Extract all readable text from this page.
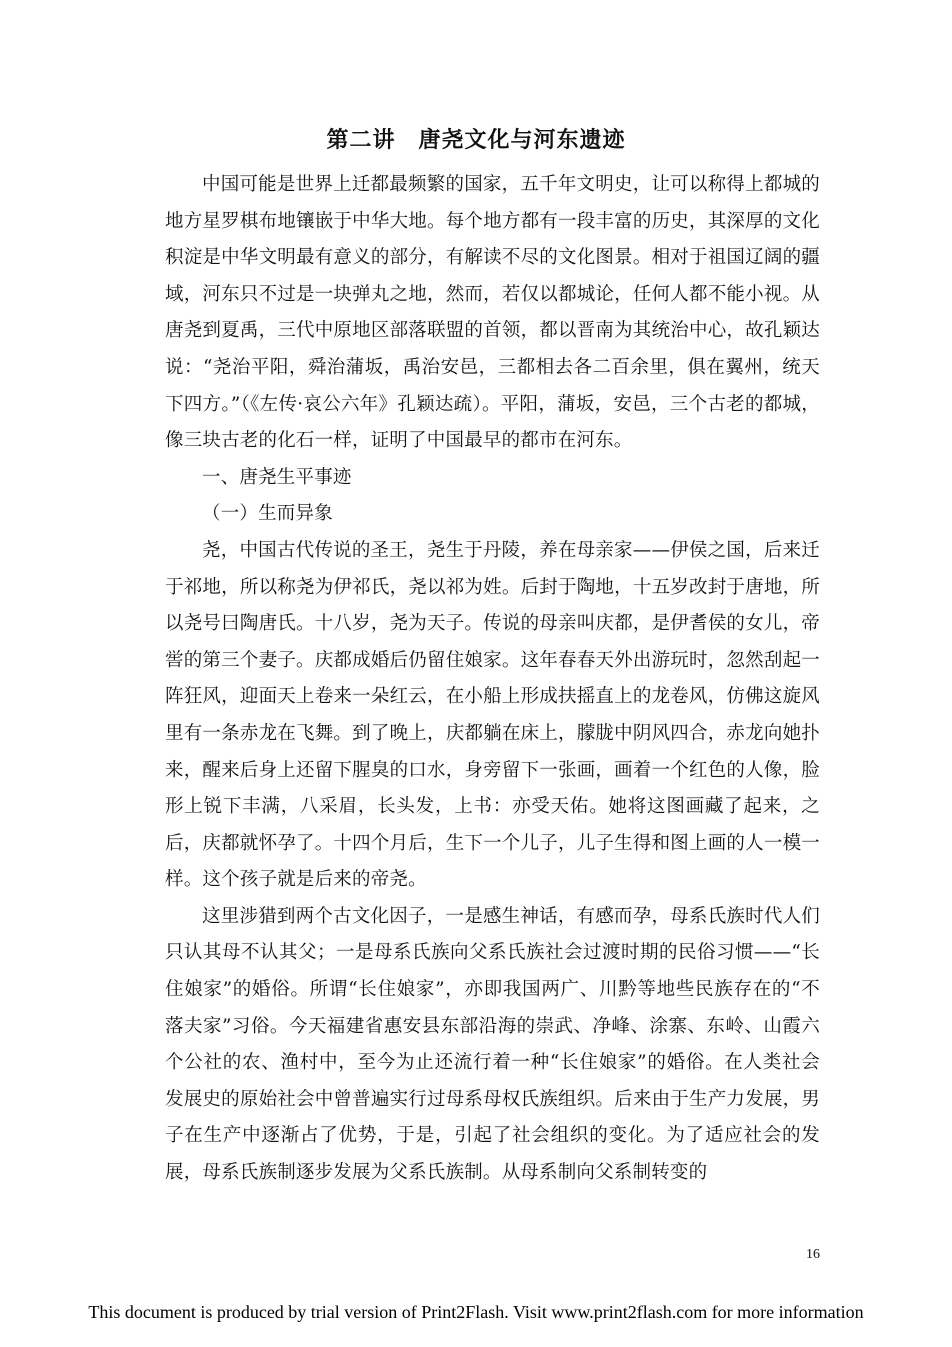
第二讲　唐尧文化与河东遗迹

中国可能是世界上迁都最频繁的国家，五千年文明史，让可以称得上都城的地方星罗棋布地镶嵌于中华大地。每个地方都有一段丰富的历史，其深厚的文化积淀是中华文明最有意义的部分，有解读不尽的文化图景。相对于祖国辽阔的疆域，河东只不过是一块弹丸之地，然而，若仅以都城论，任何人都不能小视。从唐尧到夏禹，三代中原地区部落联盟的首领，都以晋南为其统治中心，故孔颖达说：“尧治平阳，舜治蒲坂，禹治安邑，三都相去各二百余里，俱在翼州，统天下四方。”（《左传·哀公六年》孔颖达疏）。平阳，蒲坂，安邑，三个古老的都城，像三块古老的化石一样，证明了中国最早的都市在河东。

一、唐尧生平事迹

（一）生而异象

尧，中国古代传说的圣王，尧生于丹陵，养在母亲家——伊侯之国，后来迁于祁地，所以称尧为伊祁氏，尧以祁为姓。后封于陶地，十五岁改封于唐地，所以尧号曰陶唐氏。十八岁，尧为天子。传说的母亲叫庆都，是伊耆侯的女儿，帝喾的第三个妻子。庆都成婚后仍留住娘家。这年春春天外出游玩时，忽然刮起一阵狂风，迎面天上卷来一朵红云，在小船上形成扶摇直上的龙卷风，仿佛这旋风里有一条赤龙在飞舞。到了晚上，庆都躺在床上，朦胧中阴风四合，赤龙向她扑来，醒来后身上还留下腥臭的口水，身旁留下一张画，画着一个红色的人像，脸形上锐下丰满，八采眉，长头发，上书：亦受天佑。她将这图画藏了起来，之后，庆都就怀孕了。十四个月后，生下一个儿子，儿子生得和图上画的人一模一样。这个孩子就是后来的帝尧。

这里涉猎到两个古文化因子，一是感生神话，有感而孕，母系氏族时代人们只认其母不认其父；一是母系氏族向父系氏族社会过渡时期的民俗习惯——“长住娘家”的婚俗。所谓“长住娘家”，亦即我国两广、川黔等地些民族存在的“不落夫家”习俗。今天福建省惠安县东部沿海的崇武、净峰、涂寨、东岭、山霞六个公社的农、渔村中，至今为止还流行着一种“长住娘家”的婚俗。在人类社会发展史的原始社会中曾普遍实行过母系母权氏族组织。后来由于生产力发展，男子在生产中逐渐占了优势，于是，引起了社会组织的变化。为了适应社会的发展，母系氏族制逐步发展为父系氏族制。从母系制向父系制转变的

16
This document is produced by trial version of Print2Flash. Visit www.print2flash.com for more information
